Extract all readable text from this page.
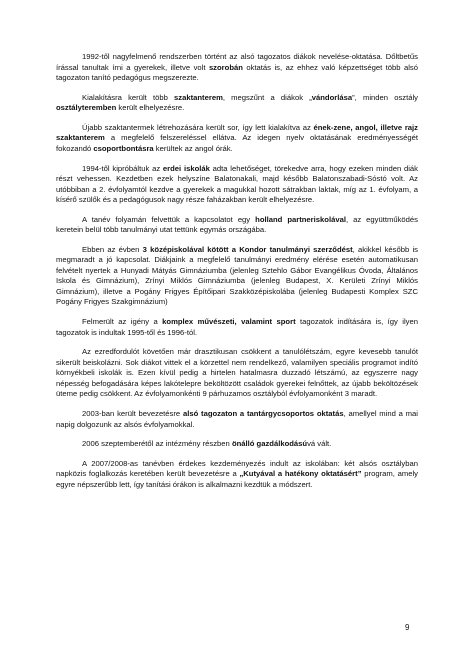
1992-től nagyfelmenő rendszerben történt az alsó tagozatos diákok nevelése-oktatása. Dőltbetűs írással tanultak írni a gyerekek, illetve volt szorobán oktatás is, az ehhez való képzettséget több alsó tagozaton tanító pedagógus megszerezte.

Kialakításra került több szaktanterem, megszűnt a diákok „vándorlása”, minden osztály osztályteremben került elhelyezésre.

Újabb szaktantermek létrehozására került sor, így lett kialakítva az ének-zene, angol, illetve rajz szaktanterem a megfelelő felszereléssel ellátva. Az idegen nyelv oktatásának eredményességét fokozandó csoportbontásra kerültek az angol órák.

1994-től kipróbáltuk az erdei iskolák adta lehetőséget, törekedve arra, hogy ezeken minden diák részt vehessen. Kezdetben ezek helyszíne Balatonakali, majd később Balatonszabadi-Sóstó volt. Az utóbbiban a 2. évfolyamtól kezdve a gyerekek a magukkal hozott sátrakban laktak, míg az 1. évfolyam, a kísérő szülők és a pedagógusok nagy része faházakban került elhelyezésre.

A tanév folyamán felvettük a kapcsolatot egy holland partneriskolával, az együttműködés keretein belül több tanulmányi utat tettünk egymás országába.

Ebben az évben 3 középiskolával kötött a Kondor tanulmányi szerződést, akikkel később is megmaradt a jó kapcsolat. Diákjaink a megfelelő tanulmányi eredmény elérése esetén automatikusan felvételt nyertek a Hunyadi Mátyás Gimnáziumba (jelenleg Sztehlo Gábor Evangélikus Óvoda, Általános Iskola és Gimnázium), Zrínyi Miklós Gimnáziumba (jelenleg Budapest, X. Kerületi Zrínyi Miklós Gimnázium), illetve a Pogány Frigyes Építőipari Szakközépiskolába (jelenleg Budapesti Komplex SZC Pogány Frigyes Szakgimnázium)

Felmerült az igény a komplex művészeti, valamint sport tagozatok indítására is, így ilyen tagozatok is indultak 1995-től és 1996-tól.

Az ezredfordulót követően már drasztikusan csökkent a tanulólétszám, egyre kevesebb tanulót sikerült beiskolázni. Sok diákot vittek el a körzettel nem rendelkező, valamilyen speciális programot indító környékbeli iskolák is. Ezen kívül pedig a hirtelen hatalmasra duzzadó létszámú, az egyszerre nagy népesség befogadására képes lakótelepre beköltözött családok gyerekei felnőttek, az újabb beköltözések üteme pedig csökkent. Az évfolyamonkénti 9 párhuzamos osztályból évfolyamonként 3 maradt.

2003-ban került bevezetésre alsó tagozaton a tantárgycsoportos oktatás, amellyel mind a mai napig dolgozunk az alsós évfolyamokkal.

2006 szeptemberétől az intézmény részben önálló gazdálkodásúvá vált.

A 2007/2008-as tanévben érdekes kezdeményezés indult az iskolában: két alsós osztályban napközis foglalkozás keretében került bevezetésre a „Kutyával a hatékony oktatásért” program, amely egyre népszerűbb lett, így tanítási órákon is alkalmazni kezdtük a módszert.

9
